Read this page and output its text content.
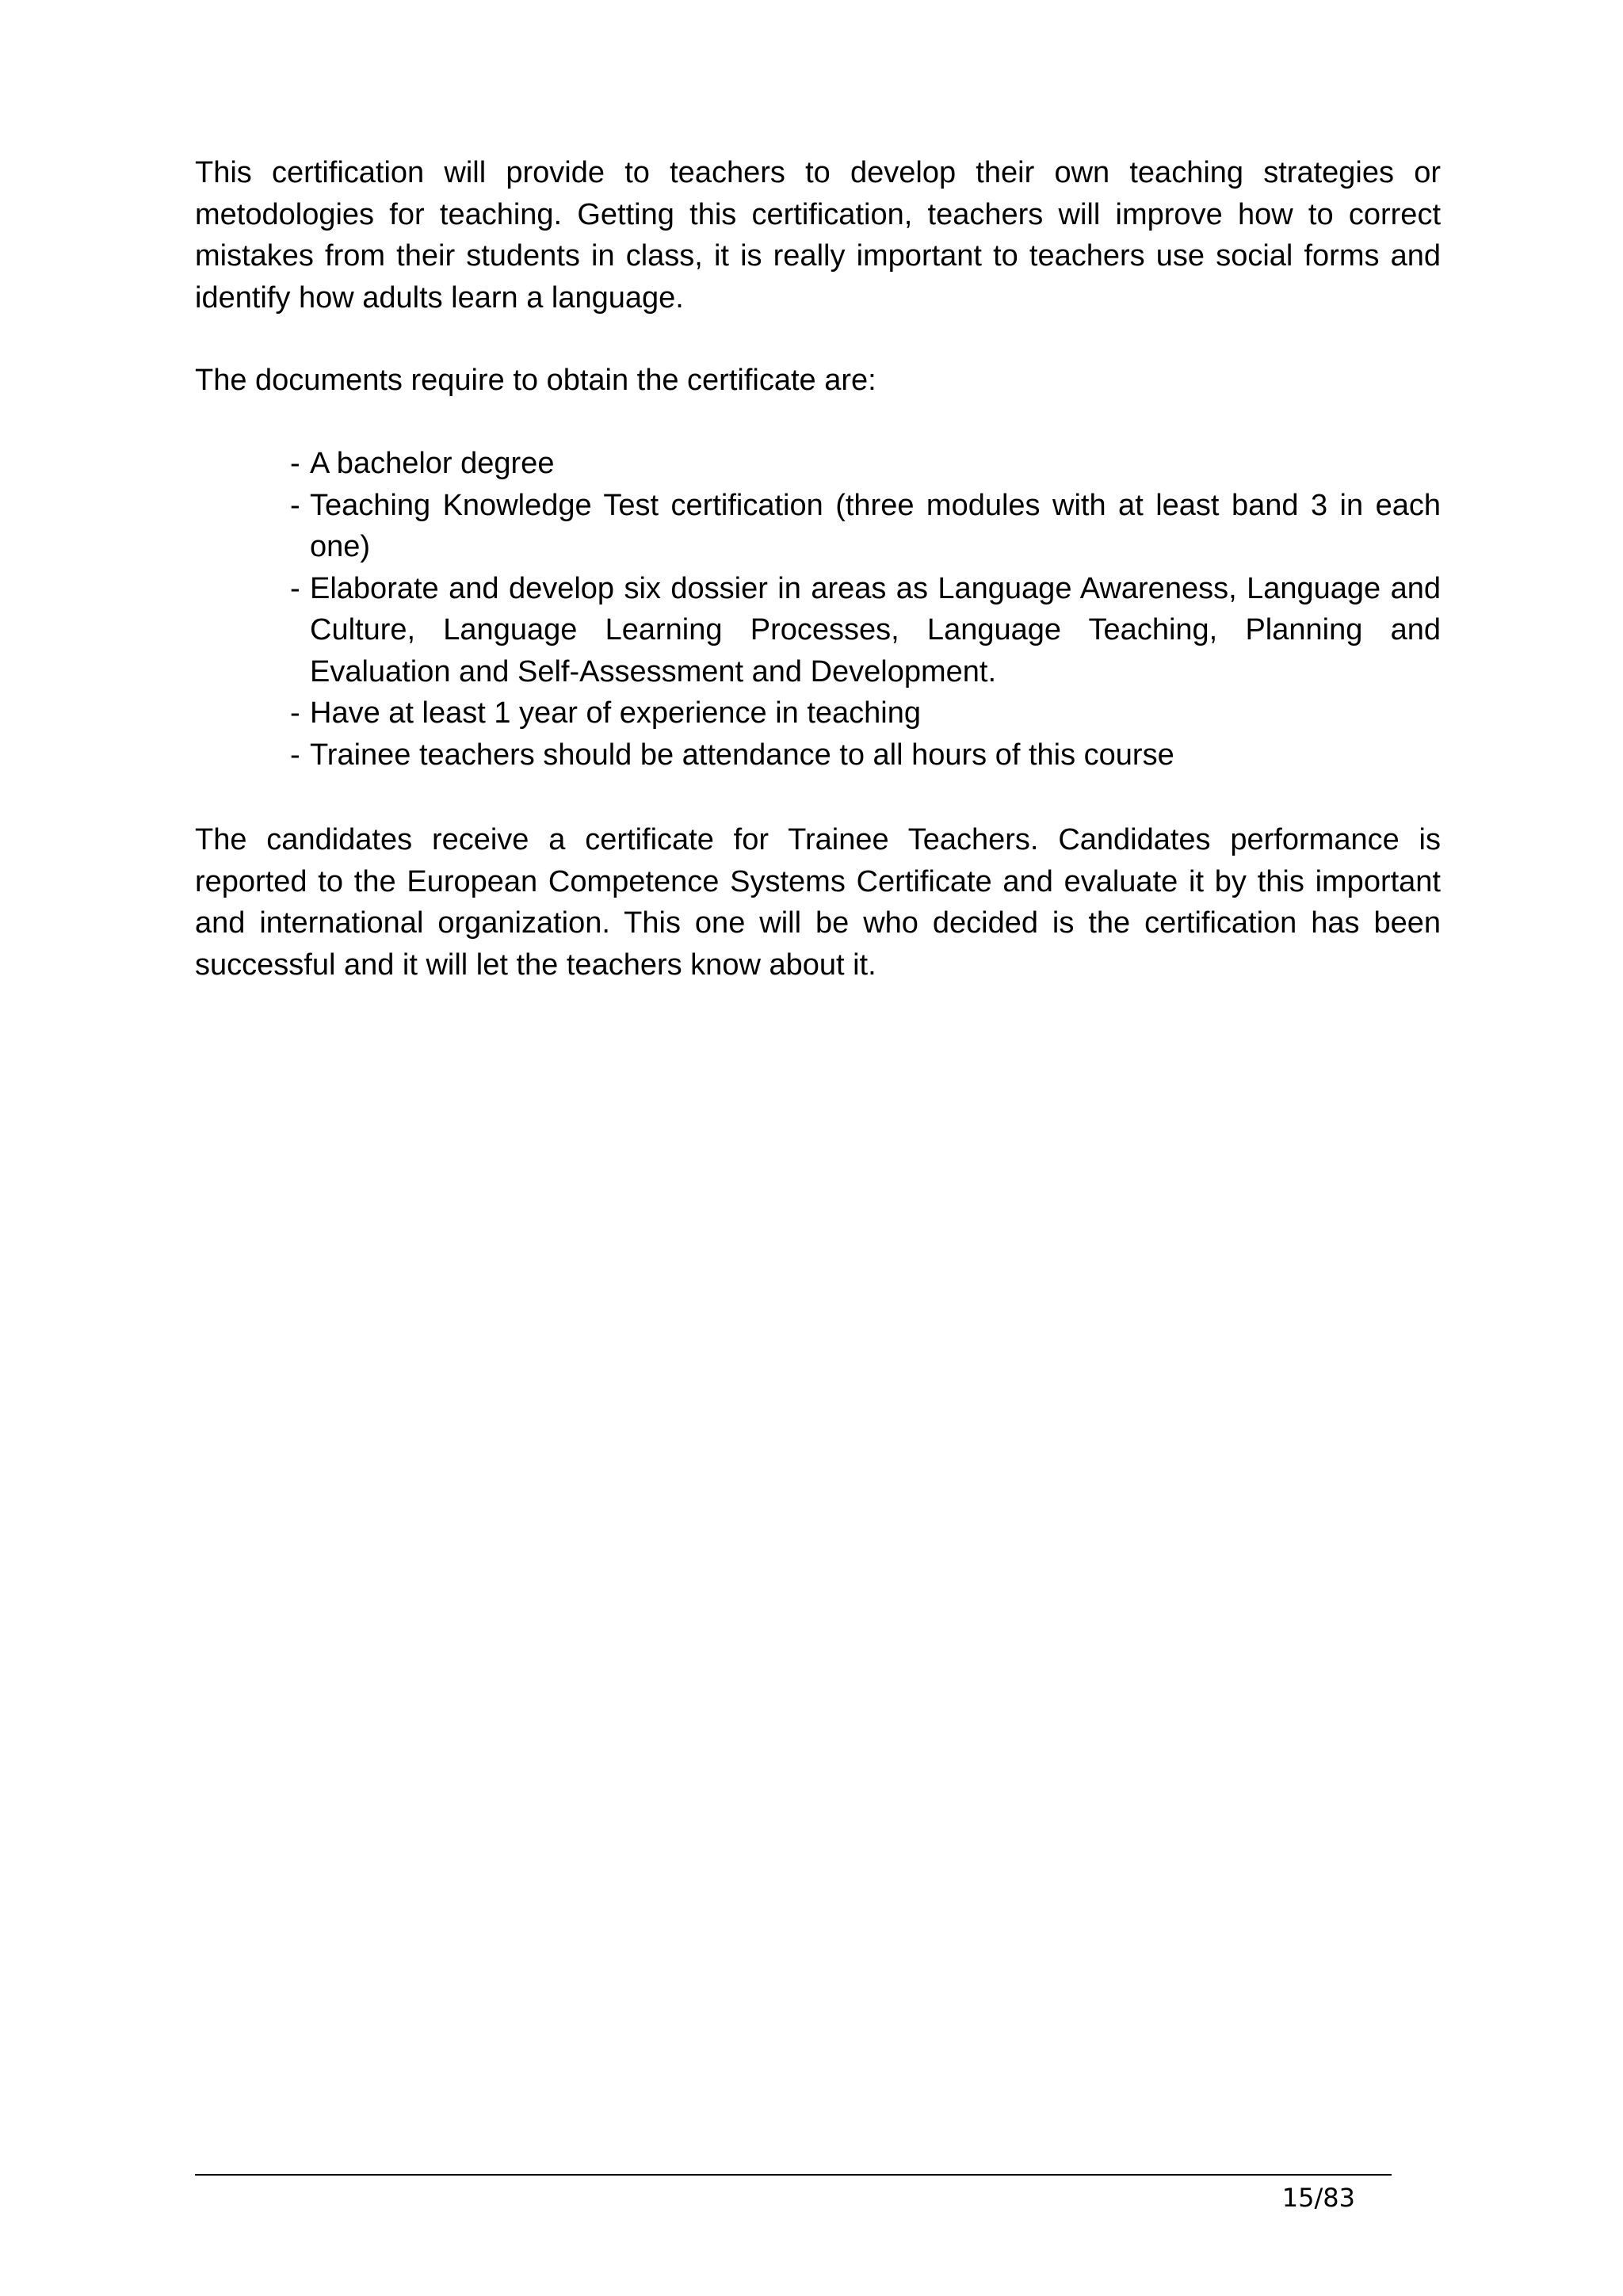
This certification will provide to teachers to develop their own teaching strategies or metodologies for teaching. Getting this certification, teachers will improve how to correct mistakes from their students in class, it is really important to teachers use social forms and identify how adults learn a language.

The documents require to obtain the certificate are:

- A bachelor degree
- Teaching Knowledge Test certification (three modules with at least band 3 in each one)
- Elaborate and develop six dossier in areas as Language Awareness, Language and Culture, Language Learning Processes, Language Teaching, Planning and Evaluation and Self-Assessment and Development.
- Have at least 1 year of experience in teaching
- Trainee teachers should be attendance to all hours of this course

The candidates receive a certificate for Trainee Teachers. Candidates performance is reported to the European Competence Systems Certificate and evaluate it by this important and international organization. This one will be who decided is the certification has been successful and it will let the teachers know about it.

15/83
